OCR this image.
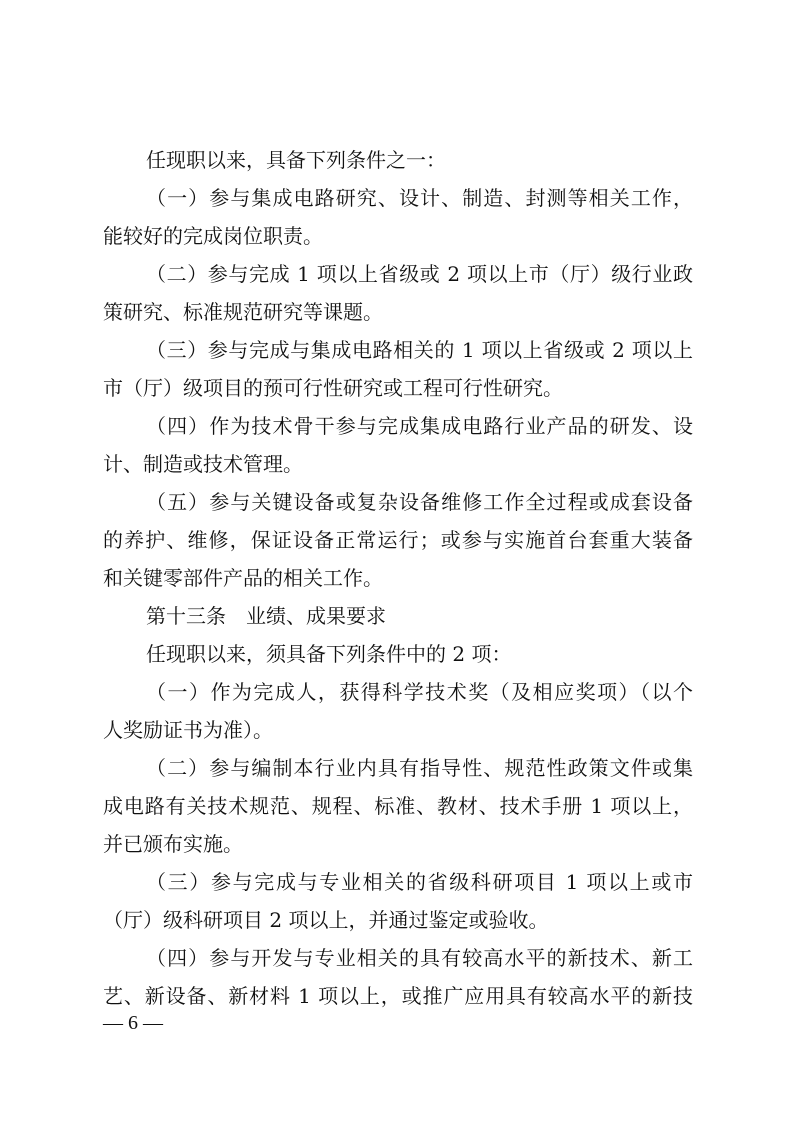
任现职以来，具备下列条件之一：
（一）参与集成电路研究、设计、制造、封测等相关工作，
能较好的完成岗位职责。
（二）参与完成 1 项以上省级或 2 项以上市（厅）级行业政
策研究、标准规范研究等课题。
（三）参与完成与集成电路相关的 1 项以上省级或 2 项以上
市（厅）级项目的预可行性研究或工程可行性研究。
（四）作为技术骨干参与完成集成电路行业产品的研发、设
计、制造或技术管理。
（五）参与关键设备或复杂设备维修工作全过程或成套设备
的养护、维修，保证设备正常运行；或参与实施首台套重大装备
和关键零部件产品的相关工作。
第十三条　业绩、成果要求
任现职以来，须具备下列条件中的 2 项：
（一）作为完成人，获得科学技术奖（及相应奖项）（以个
人奖励证书为准）。
（二）参与编制本行业内具有指导性、规范性政策文件或集
成电路有关技术规范、规程、标准、教材、技术手册 1 项以上，
并已颁布实施。
（三）参与完成与专业相关的省级科研项目 1 项以上或市
（厅）级科研项目 2 项以上，并通过鉴定或验收。
（四）参与开发与专业相关的具有较高水平的新技术、新工
艺、新设备、新材料 1 项以上，或推广应用具有较高水平的新技
— 6 —
